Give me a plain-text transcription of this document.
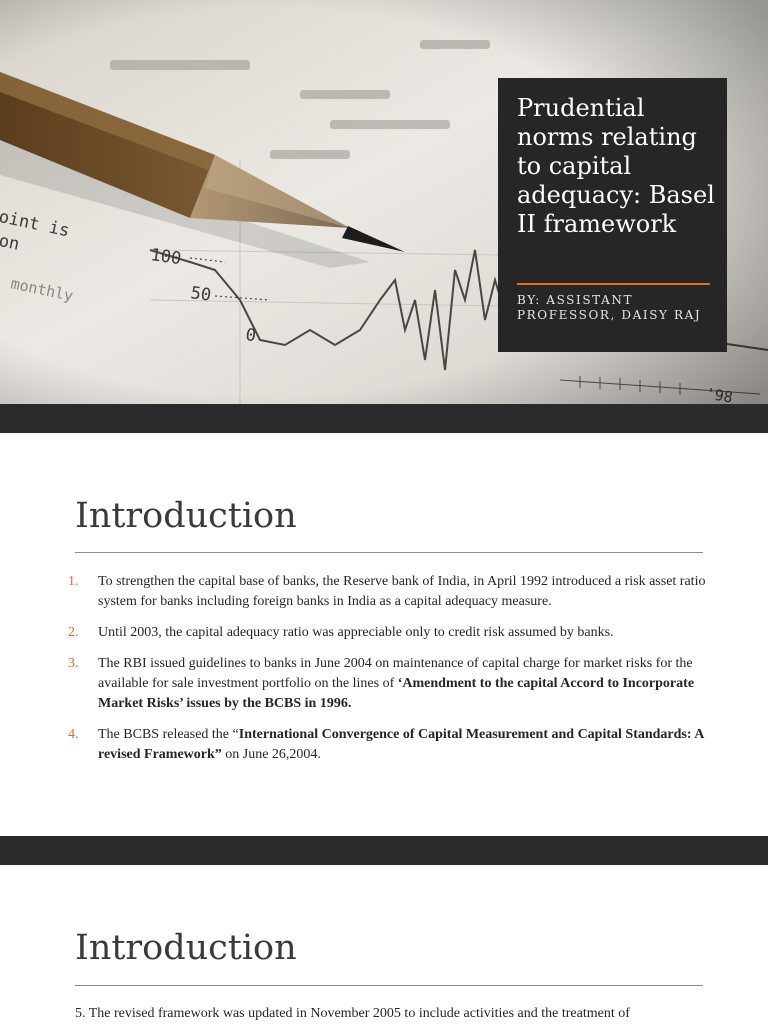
Prudential norms relating to capital adequacy: Basel II framework

BY: ASSISTANT PROFESSOR, DAISY RAJ

Introduction
1. To strengthen the capital base of banks, the Reserve bank of India, in April 1992 introduced a risk asset ratio system for banks including foreign banks in India as a capital adequacy measure.
2. Until 2003, the capital adequacy ratio was appreciable only to credit risk assumed by banks.
3. The RBI issued guidelines to banks in June 2004 on maintenance of capital charge for market risks for the available for sale investment portfolio on the lines of ‘Amendment to the capital Accord to Incorporate Market Risks’ issues by the BCBS in 1996.
4. The BCBS released the “International Convergence of Capital Measurement and Capital Standards: A revised Framework” on June 26,2004.
Introduction

5. The revised framework was updated in November 2005 to include activities and the treatment of
